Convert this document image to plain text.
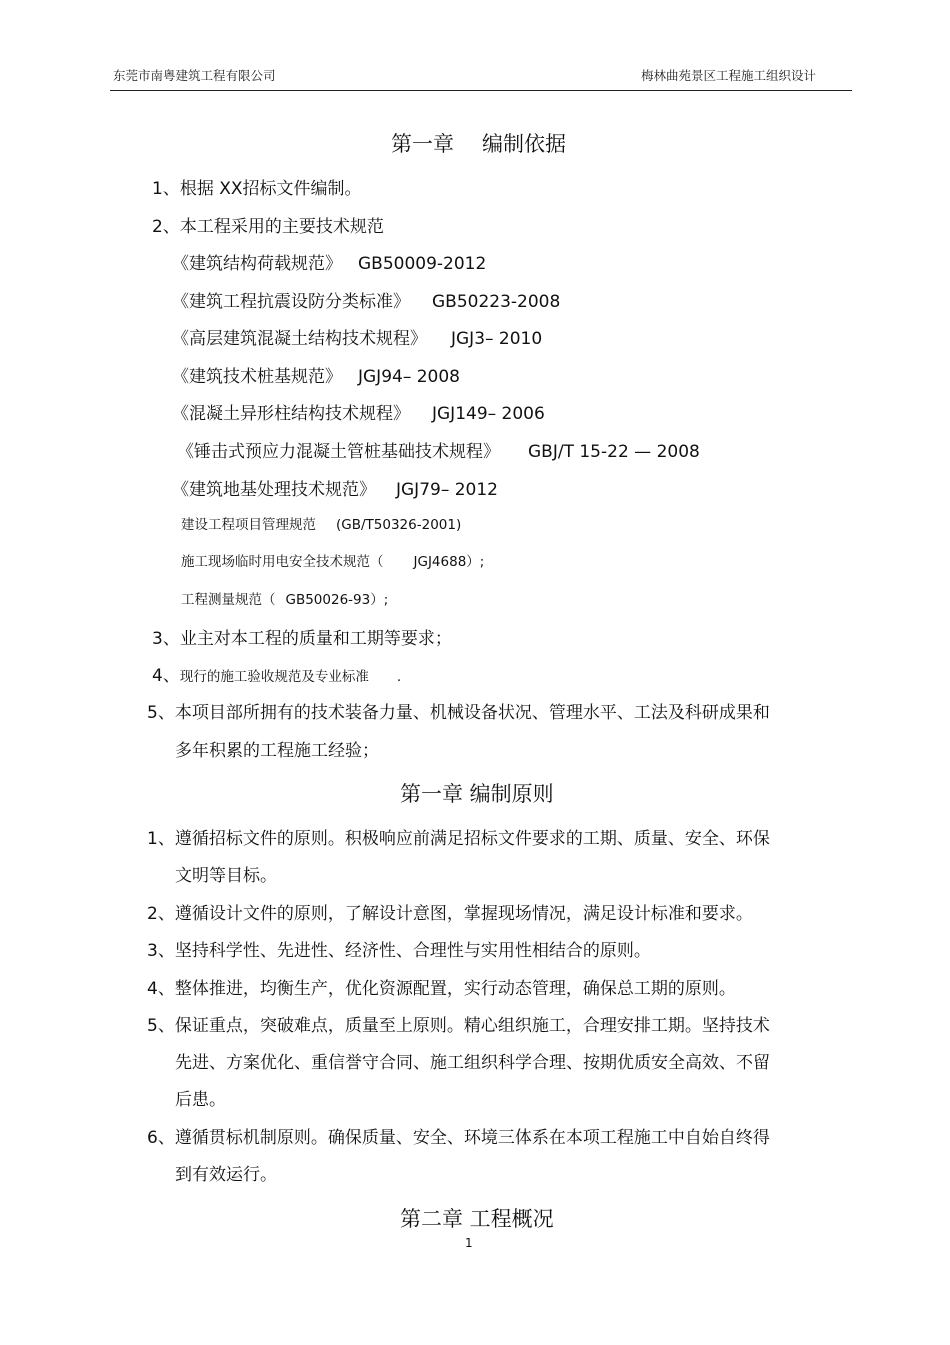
东莞市南粤建筑工程有限公司	梅林曲苑景区工程施工组织设计
第一章 编制依据
1、根据 XX招标文件编制。
2、本工程采用的主要技术规范
《建筑结构荷载规范》 GB50009-2012
《建筑工程抗震设防分类标准》 GB50223-2008
《高层建筑混凝土结构技术规程》 JGJ3– 2010
《建筑技术桩基规范》 JGJ94– 2008
《混凝土异形柱结构技术规程》 JGJ149– 2006
《锤击式预应力混凝土管桩基础技术规程》 GBJ/T 15-22 — 2008
《建筑地基处理技术规范》 JGJ79– 2012
建设工程项目管理规范 (GB/T50326-2001)
施工现场临时用电安全技术规范（ JGJ4688）;
工程测量规范（ GB50026-93）;
3、业主对本工程的质量和工期等要求；
4、现行的施工验收规范及专业标准 .
5、本项目部所拥有的技术装备力量、机械设备状况、管理水平、工法及科研成果和
多年积累的工程施工经验；
第一章 编制原则
1、遵循招标文件的原则。积极响应前满足招标文件要求的工期、质量、安全、环保
文明等目标。
2、遵循设计文件的原则，了解设计意图，掌握现场情况，满足设计标准和要求。
3、坚持科学性、先进性、经济性、合理性与实用性相结合的原则。
4、整体推进，均衡生产，优化资源配置，实行动态管理，确保总工期的原则。
5、保证重点，突破难点，质量至上原则。精心组织施工，合理安排工期。坚持技术
先进、方案优化、重信誉守合同、施工组织科学合理、按期优质安全高效、不留
后患。
6、遵循贯标机制原则。确保质量、安全、环境三体系在本项工程施工中自始自终得
到有效运行。
第二章 工程概况
1
